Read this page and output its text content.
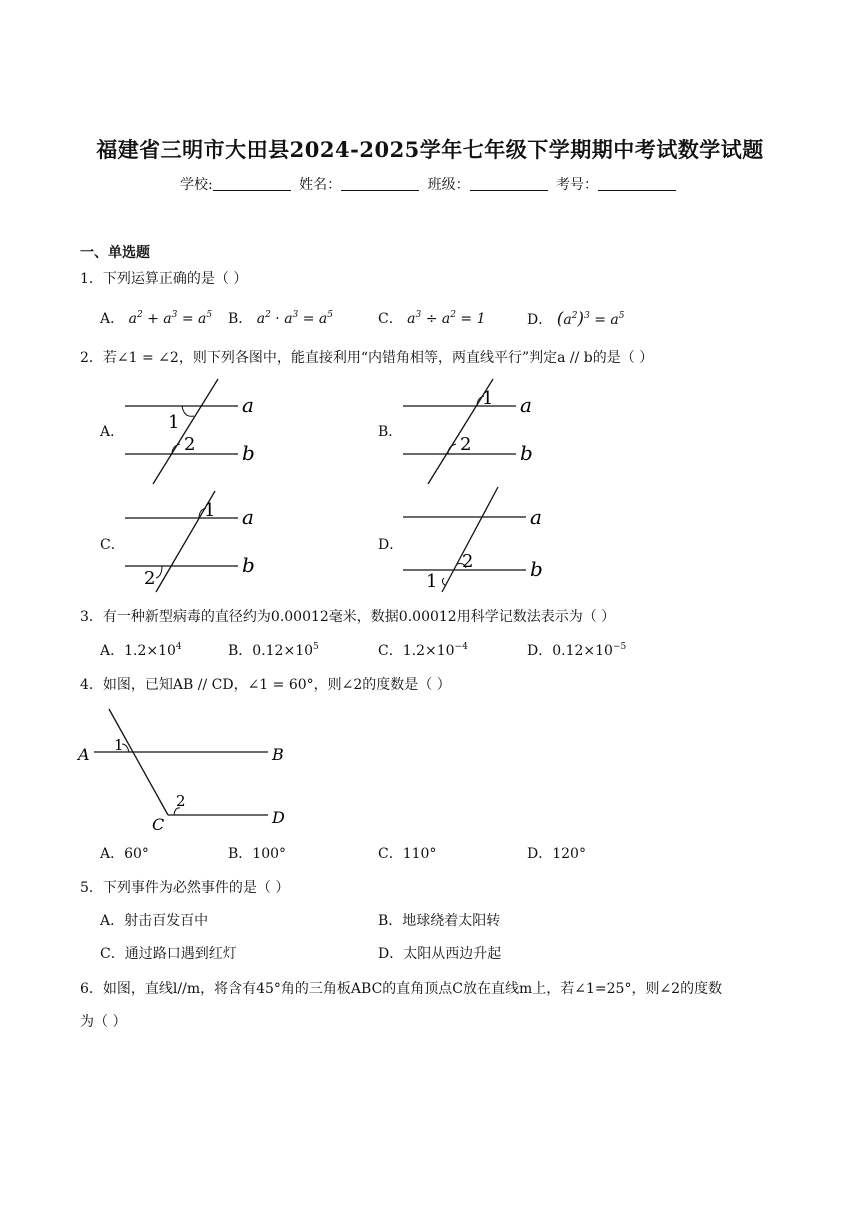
福建省三明市大田县2024-2025学年七年级下学期期中考试数学试题
学校:	姓名：	班级：	考号：
一、单选题
1．下列运算正确的是（ ）
A． $a^2 + a^3 = a^5$ B． $a^2 \cdot a^3 = a^5$	C． $a^3 \div a^2 = 1$	D． $(a^2)^3 = a^5$
2．若∠1 = ∠2，则下列各图中，能直接利用“内错角相等，两直线平行”判定a // b的是（ ）
A． 1
2
a
b
B．
1
2
a
b
C．
1
2
a
b
D．
2
1
a
b
3．有一种新型病毒的直径约为0.00012毫米，数据0.00012用科学记数法表示为（ ）
A．$1.2\times 10^4$	B．$0.12\times 10^5$	C．$1.2\times 10^{-4}$	D．$0.12\times 10^{-5}$
4．如图，已知AB // CD，∠1 = 60°，则∠2的度数是（ ）
A	B
C	D
1
2
A．60°	B．100°	C．110°	D．120°
5．下列事件为必然事件的是（ ）
A．射击百发百中	B．地球绕着太阳转
C．通过路口遇到红灯	D．太阳从西边升起
6．如图，直线l//m，将含有45°角的三角板ABC的直角顶点C放在直线m上，若∠1=25°，则∠2的度数
为（ ）
